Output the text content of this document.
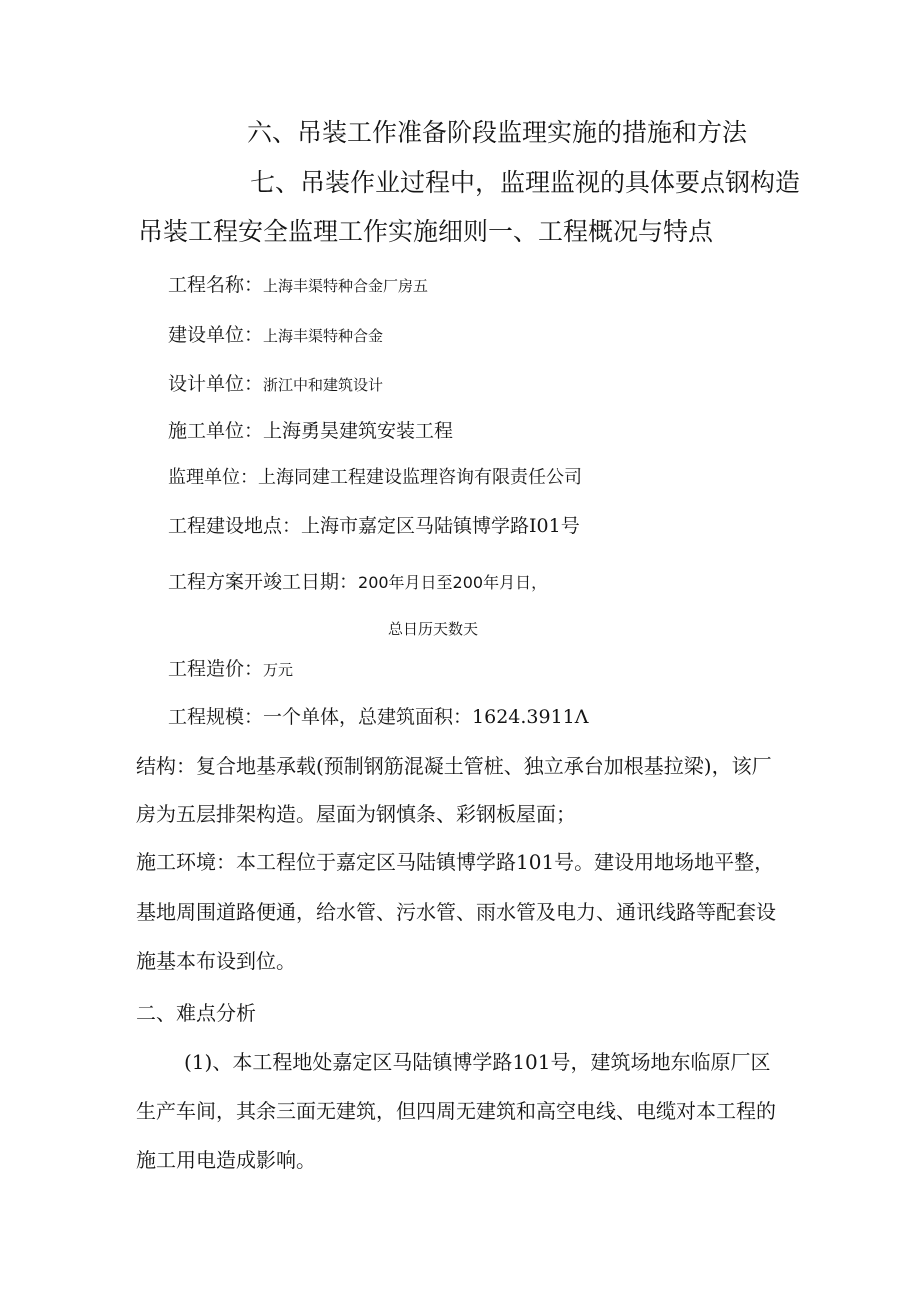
六、吊装工作准备阶段监理实施的措施和方法
七、吊装作业过程中，监理监视的具体要点钢构造
吊装工程安全监理工作实施细则一、工程概况与特点
工程名称：上海丰渠特种合金厂房五
建设单位：上海丰渠特种合金
设计单位：浙江中和建筑设计
施工单位：上海勇昊建筑安装工程
监理单位：上海同建工程建设监理咨询有限责任公司
工程建设地点：上海市嘉定区马陆镇博学路I01号
工程方案开竣工日期：200年月日至200年月日，
总日历天数天
工程造价：万元
工程规模：一个单体，总建筑面积：1624.3911Λ
结构：复合地基承载(预制钢筋混凝土管桩、独立承台加根基拉梁)，该厂
房为五层排架构造。屋面为钢慎条、彩钢板屋面；
施工环境：本工程位于嘉定区马陆镇博学路101号。建设用地场地平整，
基地周围道路便通，给水管、污水管、雨水管及电力、通讯线路等配套设
施基本布设到位。
二、难点分析
(1)、本工程地处嘉定区马陆镇博学路101号，建筑场地东临原厂区
生产车间，其余三面无建筑，但四周无建筑和高空电线、电缆对本工程的
施工用电造成影响。
